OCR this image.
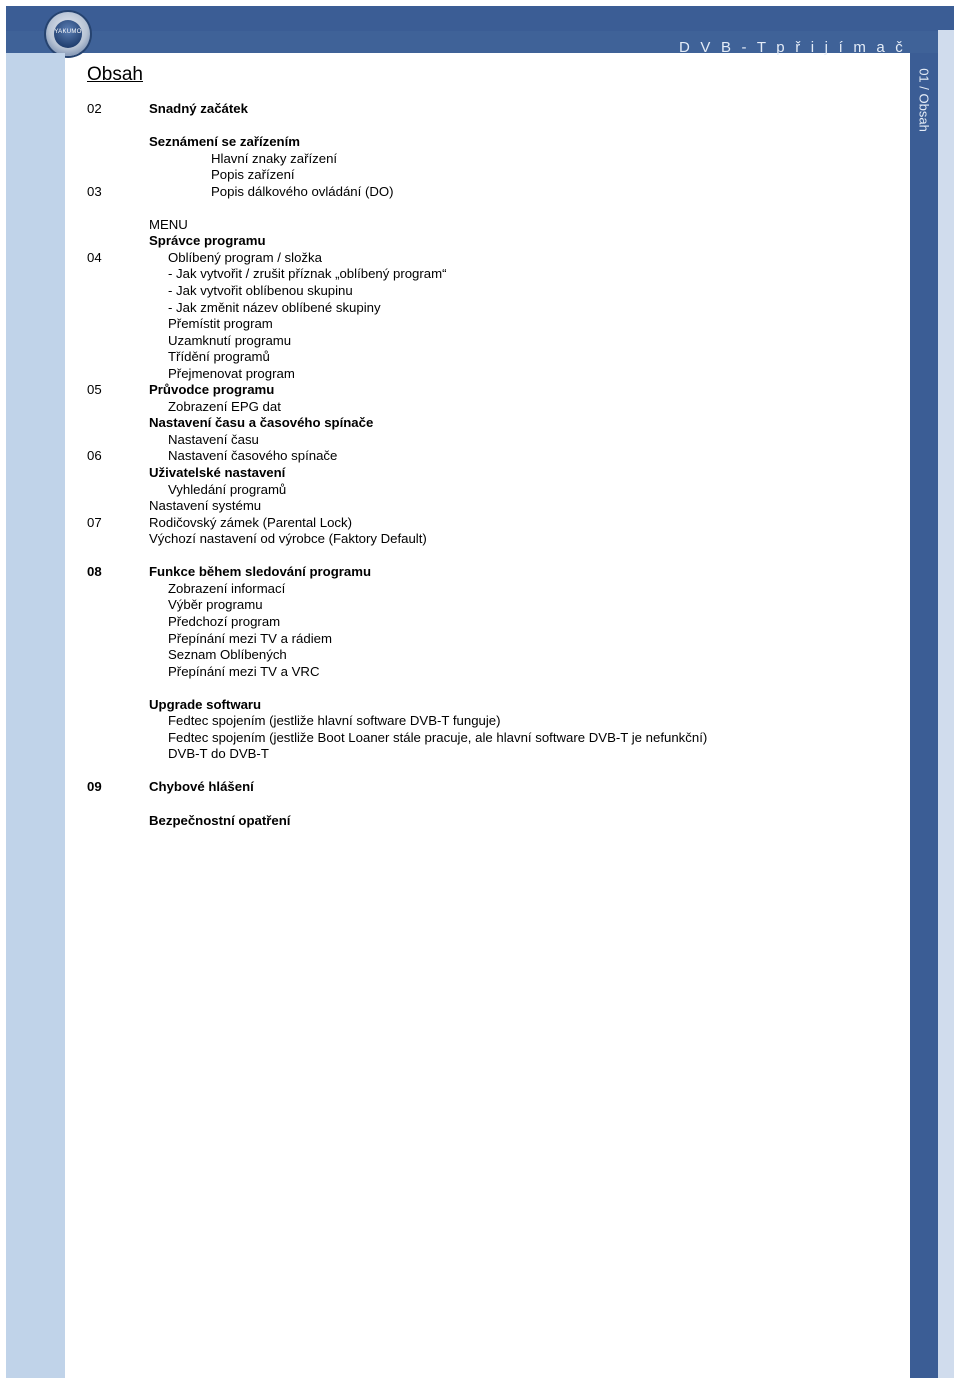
YAKUMO
D V B - T p ř i j í m a č
01 / Obsah
Obsah
02	Snadný začátek
Seznámení se zařízením
Hlavní znaky zařízení
Popis zařízení
03	Popis dálkového ovládání (DO)
MENU
Správce programu
04	Oblíbený program / složka
- Jak vytvořit / zrušit příznak „oblíbený program“
- Jak vytvořit oblíbenou skupinu
- Jak změnit název oblíbené skupiny
Přemístit program
Uzamknutí programu
Třídění programů
Přejmenovat program
05	Průvodce programu
Zobrazení EPG dat
Nastavení času a časového spínače
Nastavení času
06	Nastavení časového spínače
Uživatelské nastavení
Vyhledání programů
Nastavení systému
07	Rodičovský zámek (Parental Lock)
Výchozí nastavení od výrobce (Faktory Default)
08	Funkce během sledování programu
Zobrazení informací
Výběr programu
Předchozí program
Přepínání mezi TV a rádiem
Seznam Oblíbených
Přepínání mezi TV a VRC
Upgrade softwaru
Fedtec spojením (jestliže hlavní software DVB-T funguje)
Fedtec spojením (jestliže Boot Loaner stále pracuje, ale hlavní software DVB-T je nefunkční)
DVB-T do DVB-T
09	Chybové hlášení
Bezpečnostní opatření
